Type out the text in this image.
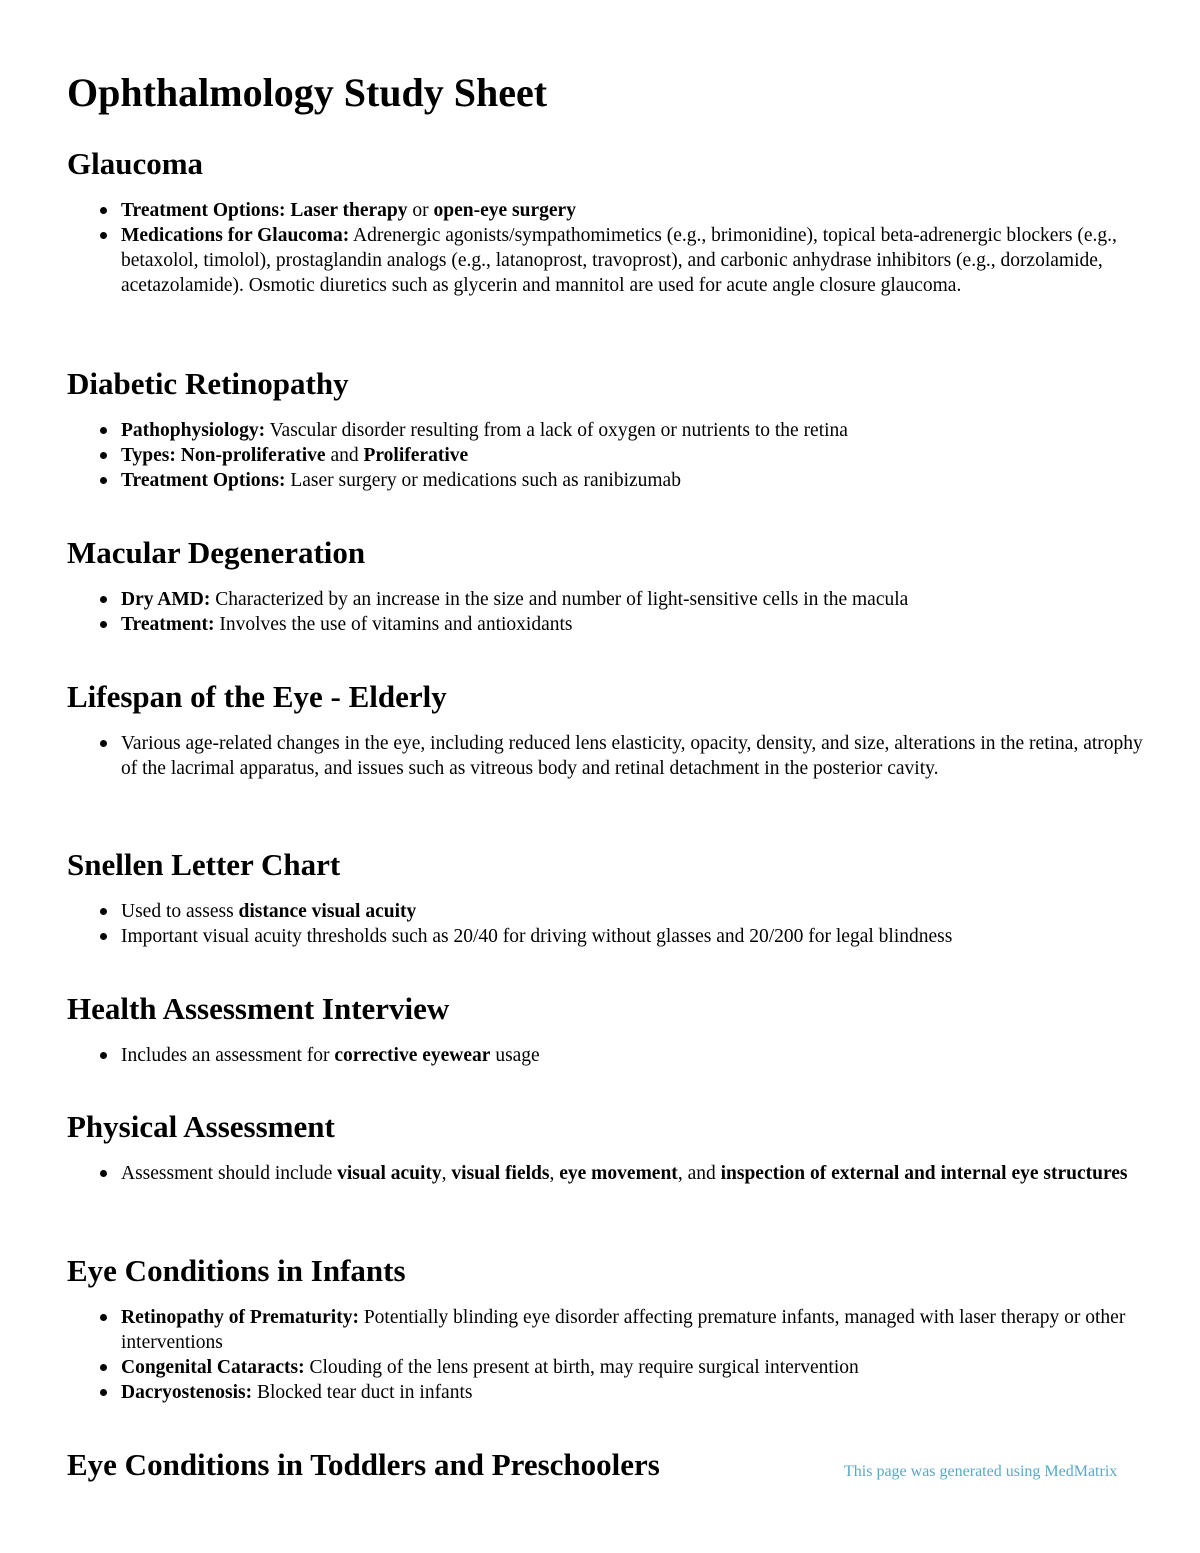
Ophthalmology Study Sheet
Glaucoma
Treatment Options: Laser therapy or open-eye surgery
Medications for Glaucoma: Adrenergic agonists/sympathomimetics (e.g., brimonidine), topical beta-adrenergic blockers (e.g., betaxolol, timolol), prostaglandin analogs (e.g., latanoprost, travoprost), and carbonic anhydrase inhibitors (e.g., dorzolamide, acetazolamide). Osmotic diuretics such as glycerin and mannitol are used for acute angle closure glaucoma.
Diabetic Retinopathy
Pathophysiology: Vascular disorder resulting from a lack of oxygen or nutrients to the retina
Types: Non-proliferative and Proliferative
Treatment Options: Laser surgery or medications such as ranibizumab
Macular Degeneration
Dry AMD: Characterized by an increase in the size and number of light-sensitive cells in the macula
Treatment: Involves the use of vitamins and antioxidants
Lifespan of the Eye - Elderly
Various age-related changes in the eye, including reduced lens elasticity, opacity, density, and size, alterations in the retina, atrophy of the lacrimal apparatus, and issues such as vitreous body and retinal detachment in the posterior cavity.
Snellen Letter Chart
Used to assess distance visual acuity
Important visual acuity thresholds such as 20/40 for driving without glasses and 20/200 for legal blindness
Health Assessment Interview
Includes an assessment for corrective eyewear usage
Physical Assessment
Assessment should include visual acuity, visual fields, eye movement, and inspection of external and internal eye structures
Eye Conditions in Infants
Retinopathy of Prematurity: Potentially blinding eye disorder affecting premature infants, managed with laser therapy or other interventions
Congenital Cataracts: Clouding of the lens present at birth, may require surgical intervention
Dacryostenosis: Blocked tear duct in infants
Eye Conditions in Toddlers and Preschoolers	This page was generated using MedMatrix
